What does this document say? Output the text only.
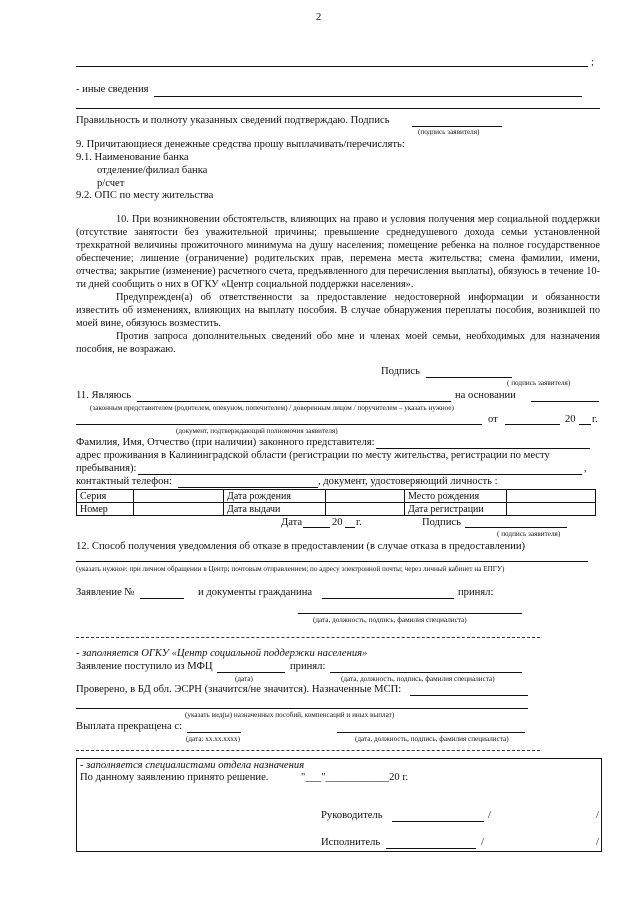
2
;
- иные сведения
Правильность и полноту указанных сведений подтверждаю. Подпись
(подпись заявителя)
9. Причитающиеся денежные средства прошу выплачивать/перечислять:
9.1. Наименование банка
отделение/филиал банка
р/счет
9.2. ОПС по месту жительства

10. При возникновении обстоятельств, влияющих на право и условия получения мер социальной поддержки (отсутствие занятости без уважительной причины; превышение среднедушевого дохода семьи установленной трехкратной величины прожиточного минимума на душу населения; помещение ребенка на полное государственное обеспечение; лишение (ограничение) родительских прав, перемена места жительства; смена фамилии, имени, отчества; закрытие (изменение) расчетного счета, предъявленного для перечисления выплаты), обязуюсь в течение 10-ти дней сообщить о них в ОГКУ «Центр социальной поддержки населения».

Предупрежден(а) об ответственности за предоставление недостоверной информации и обязанности известить об изменениях, влияющих на выплату пособия. В случае обнаружения переплаты пособия, возникшей по моей вине, обязуюсь возместить.

Против запроса дополнительных сведений обо мне и членах моей семьи, необходимых для назначения пособия, не возражаю.

Подпись
( подпись заявителя)
11. Являюсь	на основании
(законным представителем (родителем, опекуном, попечителем) / доверенным лицом / поручителем – указать нужное)
от	20 г.
(документ, подтверждающий полномочия заявителя)
Фамилия, Имя, Отчество (при наличии) законного представителя:
адрес проживания в Калининградской области (регистрации по месту жительства, регистрации по месту
пребывания):	,
контактный телефон:	, документ, удостоверяющий личность :
Серия		Дата рождения		Место рождения	
Номер		Дата выдачи		Дата регистрации	
Дата	20 г.	Подпись
( подпись заявителя)
12. Способ получения уведомления об отказе в предоставлении (в случае отказа в предоставлении)
(указать нужное: при личном обращении в Центр; почтовым отправлением; по адресу электронной почты; через личный кабинет на ЕПГУ)
Заявление №	и документы гражданина	принял:
(дата, должность, подпись, фамилия специалиста)
- заполняется ОГКУ «Центр социальной поддержки населения»
Заявление поступило из МФЦ	принял:
(дата)	(дата, должность, подпись, фамилия специалиста)
Проверено, в БД обл. ЭСРН (значится/не значится). Назначенные МСП:
(указать вид(ы) назначенных пособий, компенсаций и иных выплат)
Выплата прекращена с:
(дата: хх.хх.хххх)	(дата, должность, подпись, фамилия специалиста)
- заполняется специалистами отдела назначения
По данному заявлению принято решение.	"___"____________20 г.
Руководитель	/	/
Исполнитель	/	/
